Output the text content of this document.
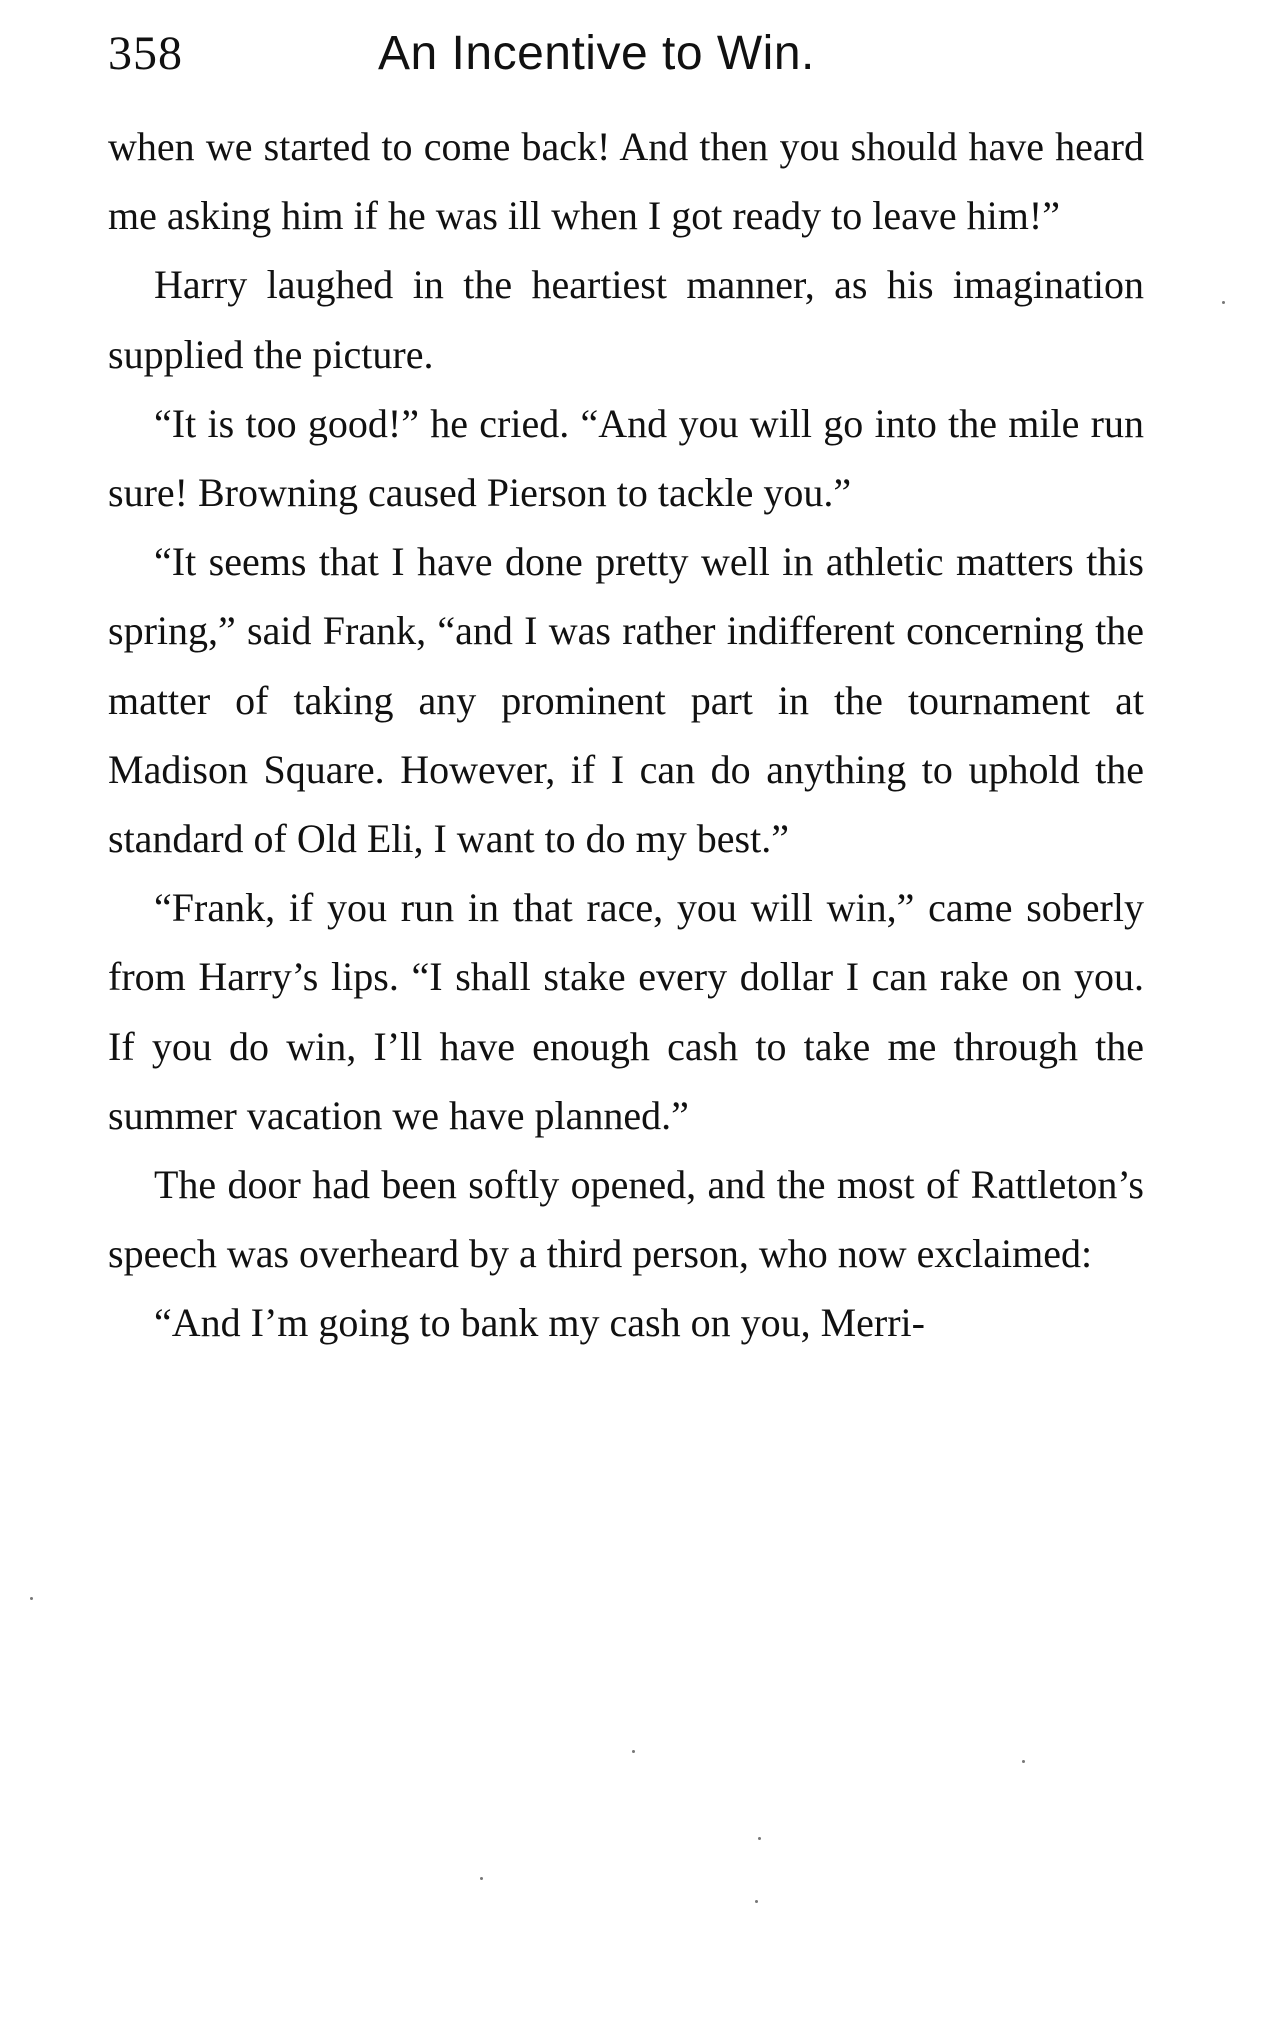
358	An Incentive to Win.

when we started to come back! And then you should have heard me asking him if he was ill when I got ready to leave him!”

Harry laughed in the heartiest manner, as his imagination supplied the picture.

“It is too good!” he cried. “And you will go into the mile run sure! Browning caused Pierson to tackle you.”

“It seems that I have done pretty well in athletic matters this spring,” said Frank, “and I was rather indifferent concerning the matter of taking any prominent part in the tournament at Madison Square. However, if I can do anything to uphold the standard of Old Eli, I want to do my best.”

“Frank, if you run in that race, you will win,” came soberly from Harry’s lips. “I shall stake every dollar I can rake on you. If you do win, I’ll have enough cash to take me through the summer vacation we have planned.”

The door had been softly opened, and the most of Rattleton’s speech was overheard by a third person, who now exclaimed:

“And I’m going to bank my cash on you, Merri-
